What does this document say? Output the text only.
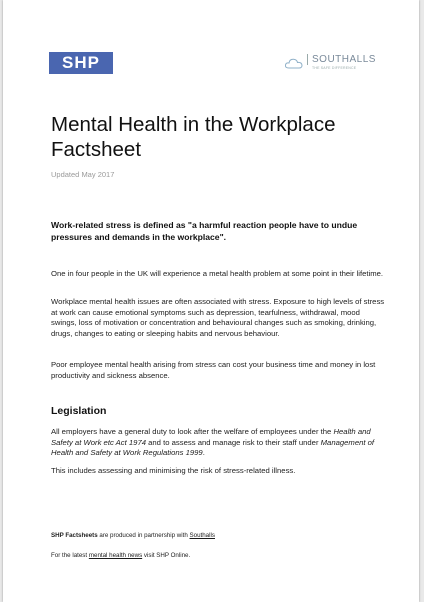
SHP	SOUTHALLS
THE SAFE DIFFERENCE
Mental Health in the Workplace
Factsheet
Updated May 2017
Work-related stress is defined as "a harmful reaction people have to undue pressures and demands in the workplace".

One in four people in the UK will experience a metal health problem at some point in their lifetime.

Workplace mental health issues are often associated with stress. Exposure to high levels of stress at work can cause emotional symptoms such as depression, tearfulness, withdrawal, mood swings, loss of motivation or concentration and behavioural changes such as smoking, drinking, drugs, changes to eating or sleeping habits and nervous behaviour.

Poor employee mental health arising from stress can cost your business time and money in lost productivity and sickness absence.

Legislation

All employers have a general duty to look after the welfare of employees under the Health and Safety at Work etc Act 1974 and to assess and manage risk to their staff under Management of Health and Safety at Work Regulations 1999.

This includes assessing and minimising the risk of stress-related illness.

SHP Factsheets are produced in partnership with Southalls
For the latest mental health news visit SHP Online.
